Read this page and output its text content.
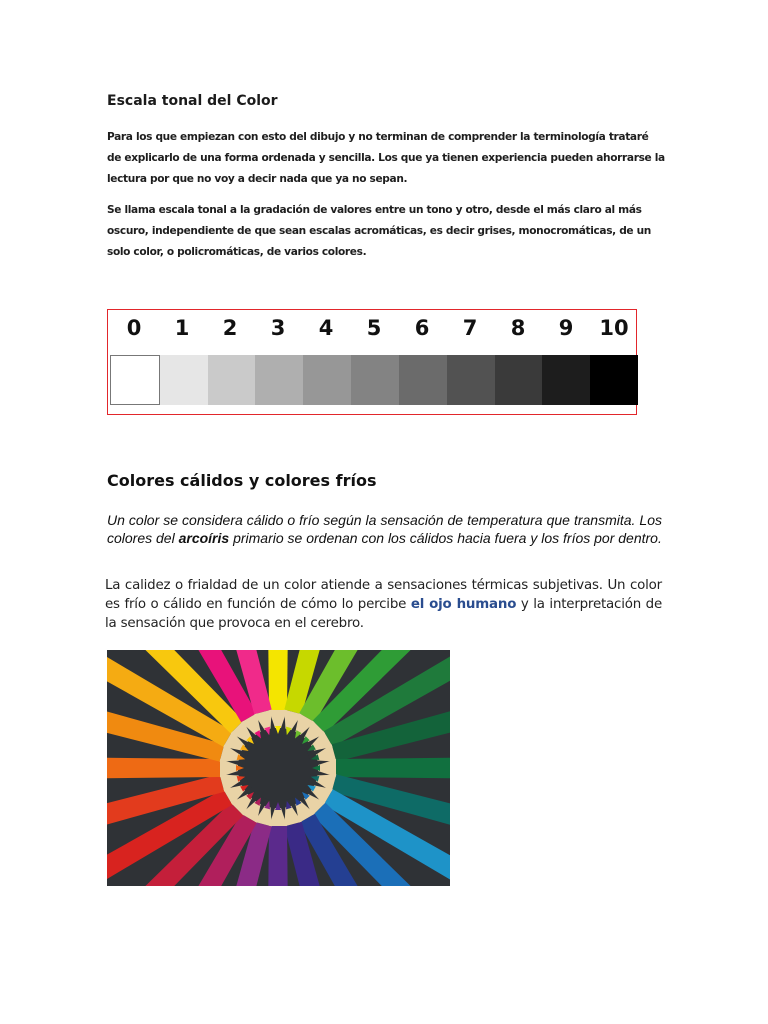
Escala tonal del Color

Para los que empiezan con esto del dibujo y no terminan de comprender la terminología trataré
de explicarlo de una forma ordenada y sencilla. Los que ya tienen experiencia pueden ahorrarse la
lectura por que no voy a decir nada que ya no sepan.

Se llama escala tonal a la gradación de valores entre un tono y otro, desde el más claro al más
oscuro, independiente de que sean escalas acromáticas, es decir grises, monocromáticas, de un
solo color, o policromáticas, de varios colores.

0	1	2	3	4	5	6	7	8	9	10
Colores cálidos y colores fríos

Un color se considera cálido o frío según la sensación de temperatura que transmita. Los colores del arcoíris primario se ordenan con los cálidos hacia fuera y los fríos por dentro.

La calidez o frialdad de un color atiende a sensaciones térmicas subjetivas. Un color es frío o cálido en función de cómo lo percibe el ojo humano y la interpretación de la sensación que provoca en el cerebro.
